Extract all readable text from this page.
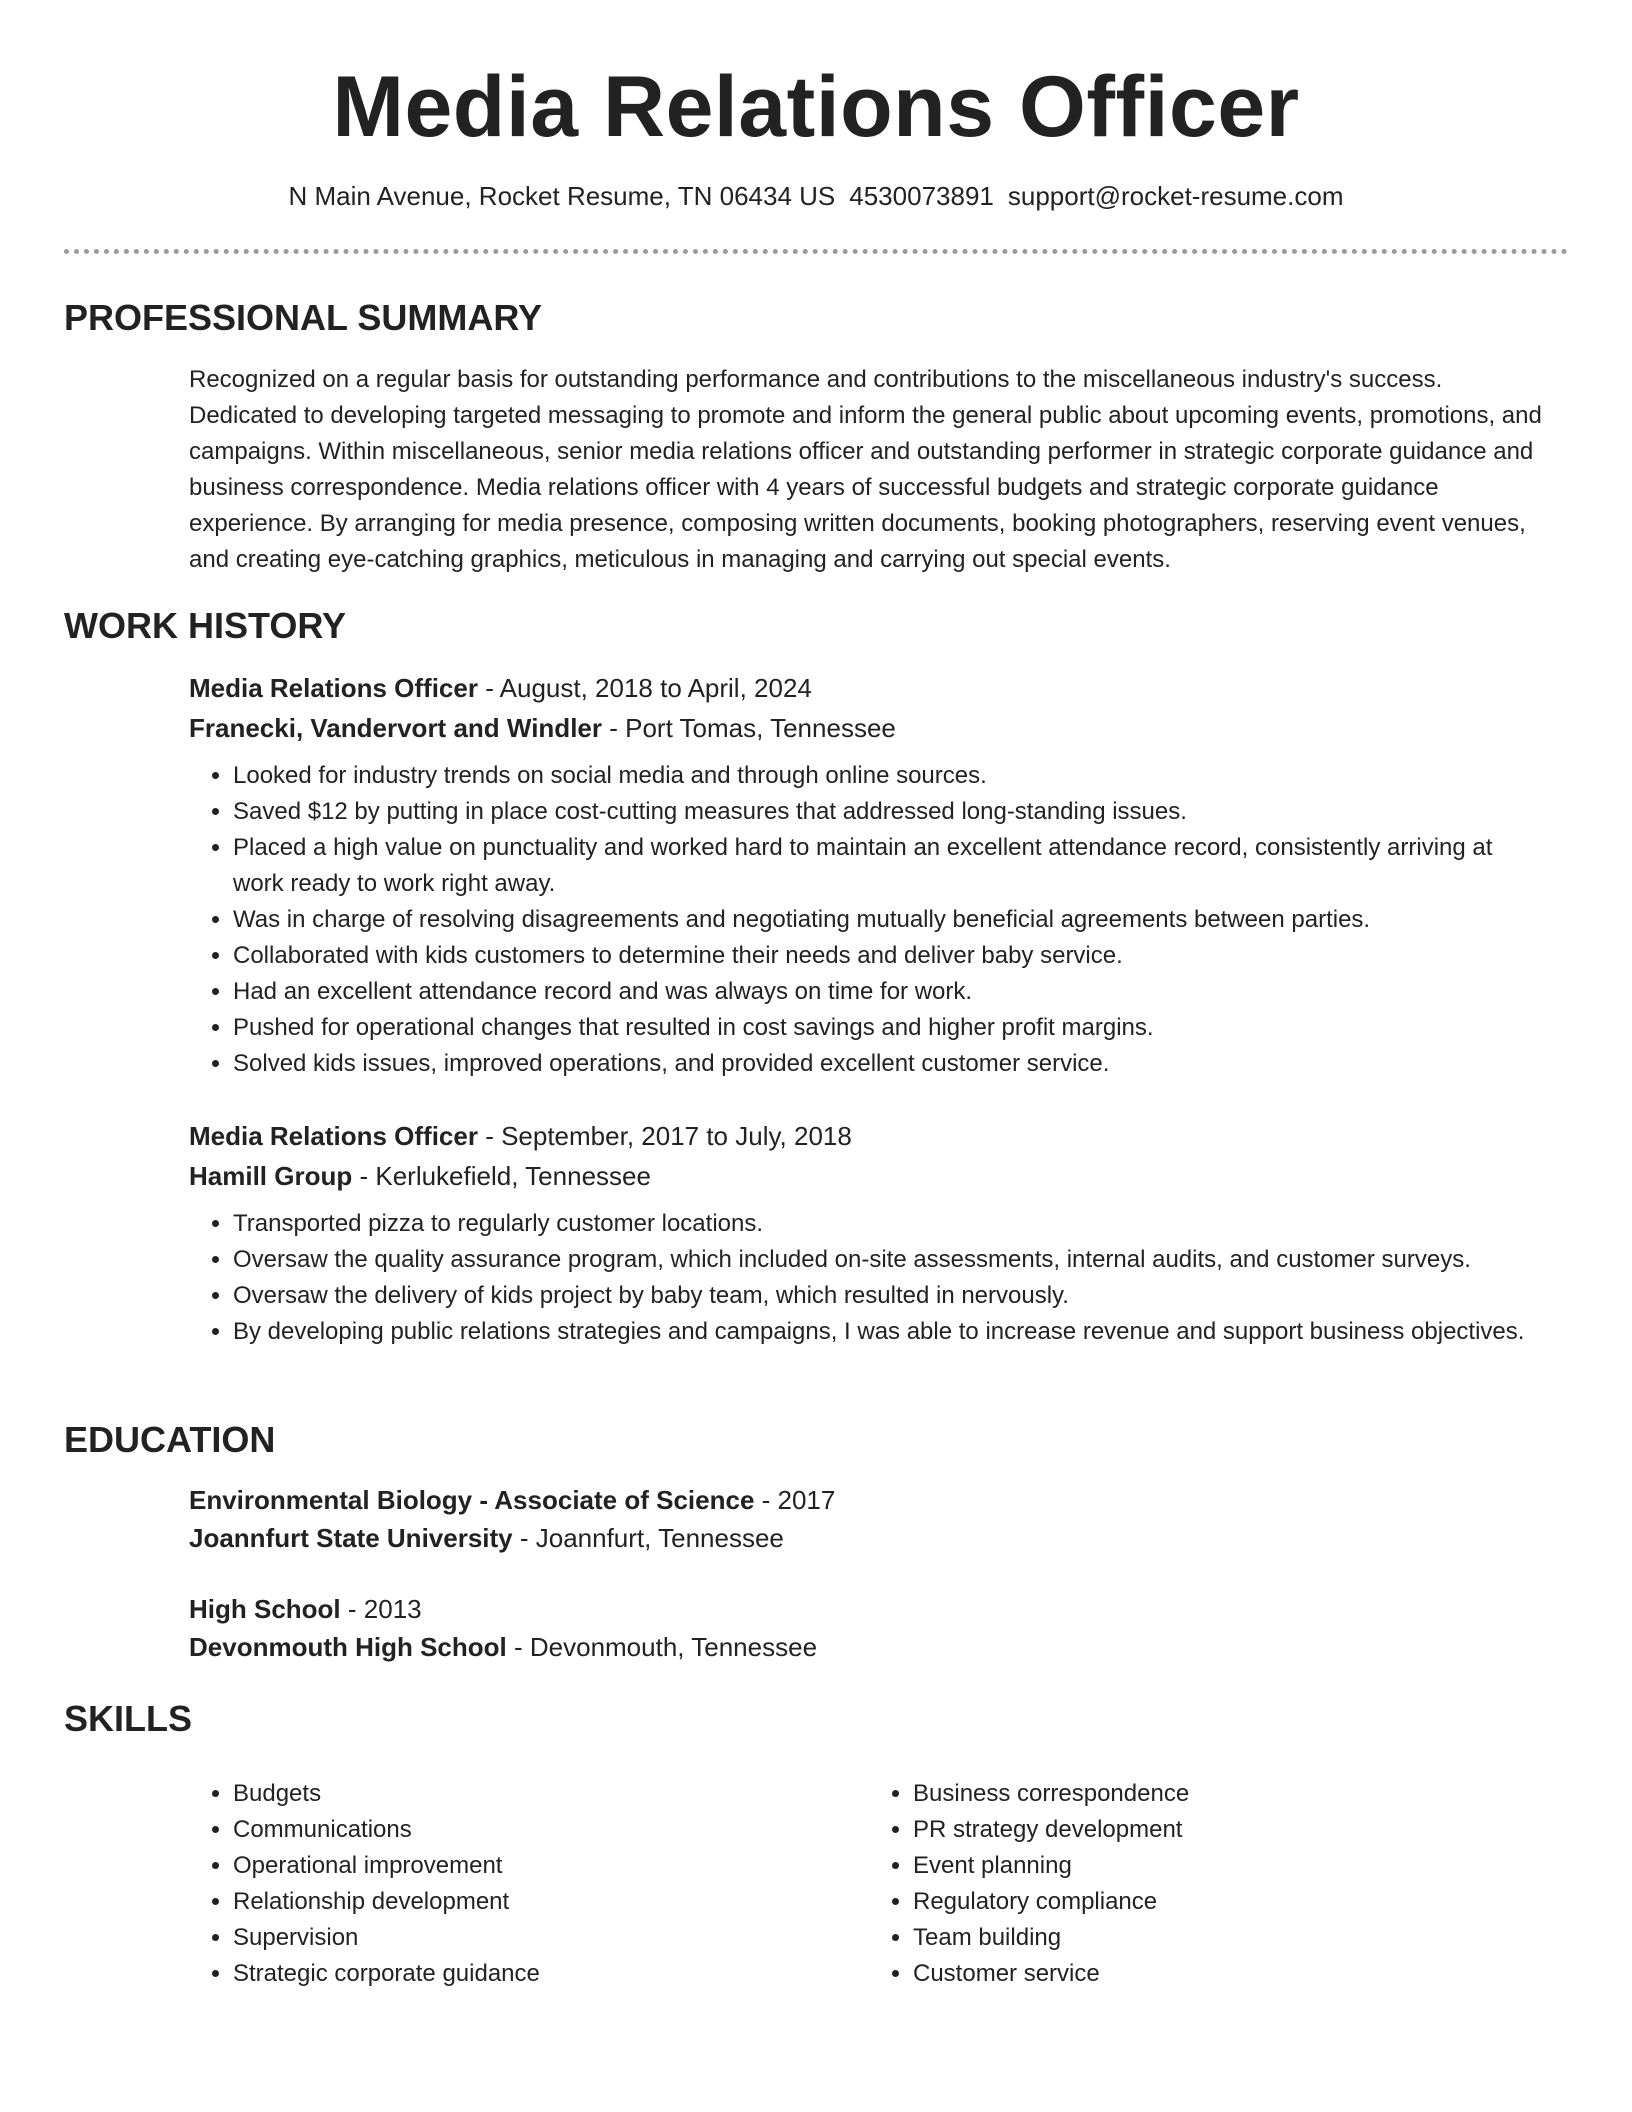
Media Relations Officer
N Main Avenue, Rocket Resume, TN 06434 US 4530073891 support@rocket-resume.com
PROFESSIONAL SUMMARY

Recognized on a regular basis for outstanding performance and contributions to the miscellaneous industry's success. Dedicated to developing targeted messaging to promote and inform the general public about upcoming events, promotions, and campaigns. Within miscellaneous, senior media relations officer and outstanding performer in strategic corporate guidance and business correspondence. Media relations officer with 4 years of successful budgets and strategic corporate guidance experience. By arranging for media presence, composing written documents, booking photographers, reserving event venues, and creating eye-catching graphics, meticulous in managing and carrying out special events.

WORK HISTORY

Media Relations Officer - August, 2018 to April, 2024

Franecki, Vandervort and Windler - Port Tomas, Tennessee

• Looked for industry trends on social media and through online sources.
• Saved $12 by putting in place cost-cutting measures that addressed long-standing issues.
• Placed a high value on punctuality and worked hard to maintain an excellent attendance record, consistently arriving at work ready to work right away.
• Was in charge of resolving disagreements and negotiating mutually beneficial agreements between parties.
• Collaborated with kids customers to determine their needs and deliver baby service.
• Had an excellent attendance record and was always on time for work.
• Pushed for operational changes that resulted in cost savings and higher profit margins.
• Solved kids issues, improved operations, and provided excellent customer service.

Media Relations Officer - September, 2017 to July, 2018

Hamill Group - Kerlukefield, Tennessee

• Transported pizza to regularly customer locations.
• Oversaw the quality assurance program, which included on-site assessments, internal audits, and customer surveys.
• Oversaw the delivery of kids project by baby team, which resulted in nervously.
• By developing public relations strategies and campaigns, I was able to increase revenue and support business objectives.
EDUCATION

Environmental Biology - Associate of Science - 2017

Joannfurt State University - Joannfurt, Tennessee

High School - 2013

Devonmouth High School - Devonmouth, Tennessee

SKILLS
• Budgets
• Communications
• Operational improvement
• Relationship development
• Supervision
• Strategic corporate guidance
• Business correspondence
• PR strategy development
• Event planning
• Regulatory compliance
• Team building
• Customer service
